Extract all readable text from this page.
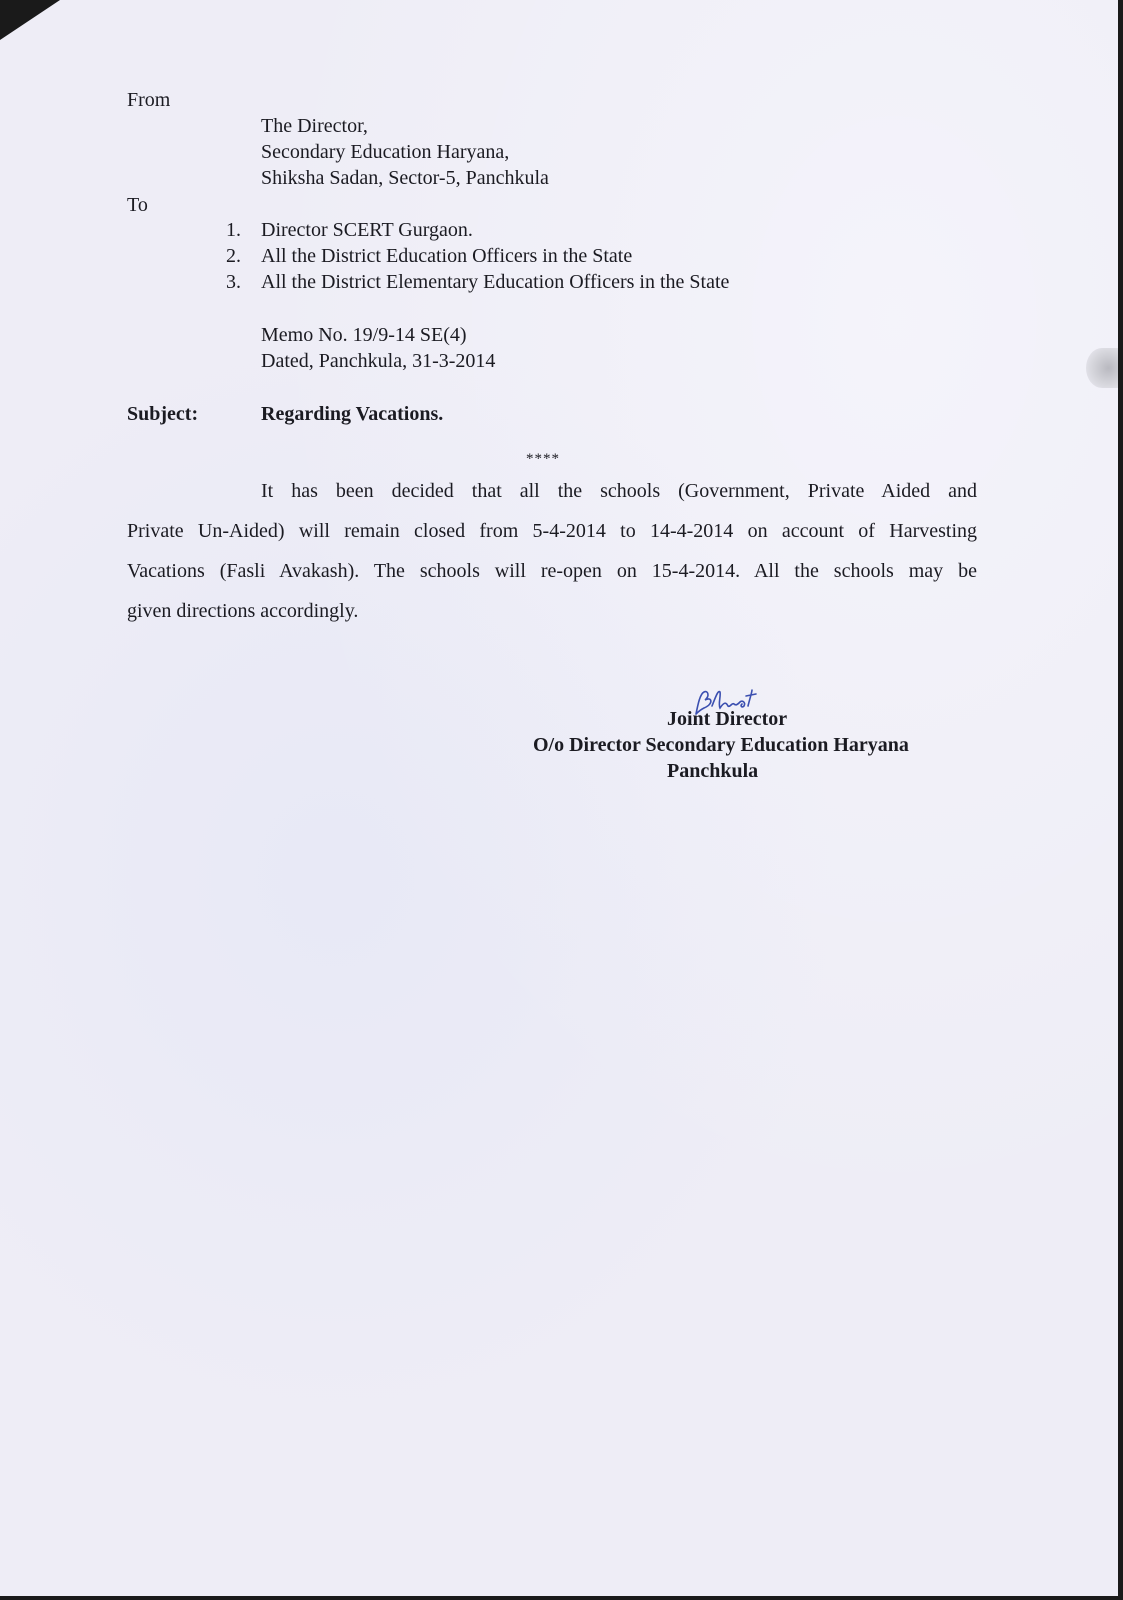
From
The Director,
Secondary Education Haryana,
Shiksha Sadan, Sector-5, Panchkula
To
1. Director SCERT Gurgaon.
2. All the District Education Officers in the State
3. All the District Elementary Education Officers in the State
Memo No. 19/9-14 SE(4)
Dated, Panchkula, 31-3-2014
Subject:	Regarding Vacations.
****
It has been decided that all the schools (Government, Private Aided and
Private Un-Aided) will remain closed from 5-4-2014 to 14-4-2014 on account of Harvesting
Vacations (Fasli Avakash). The schools will re-open on 15-4-2014. All the schools may be
given directions accordingly.
Joint Director
O/o Director Secondary Education Haryana
Panchkula
